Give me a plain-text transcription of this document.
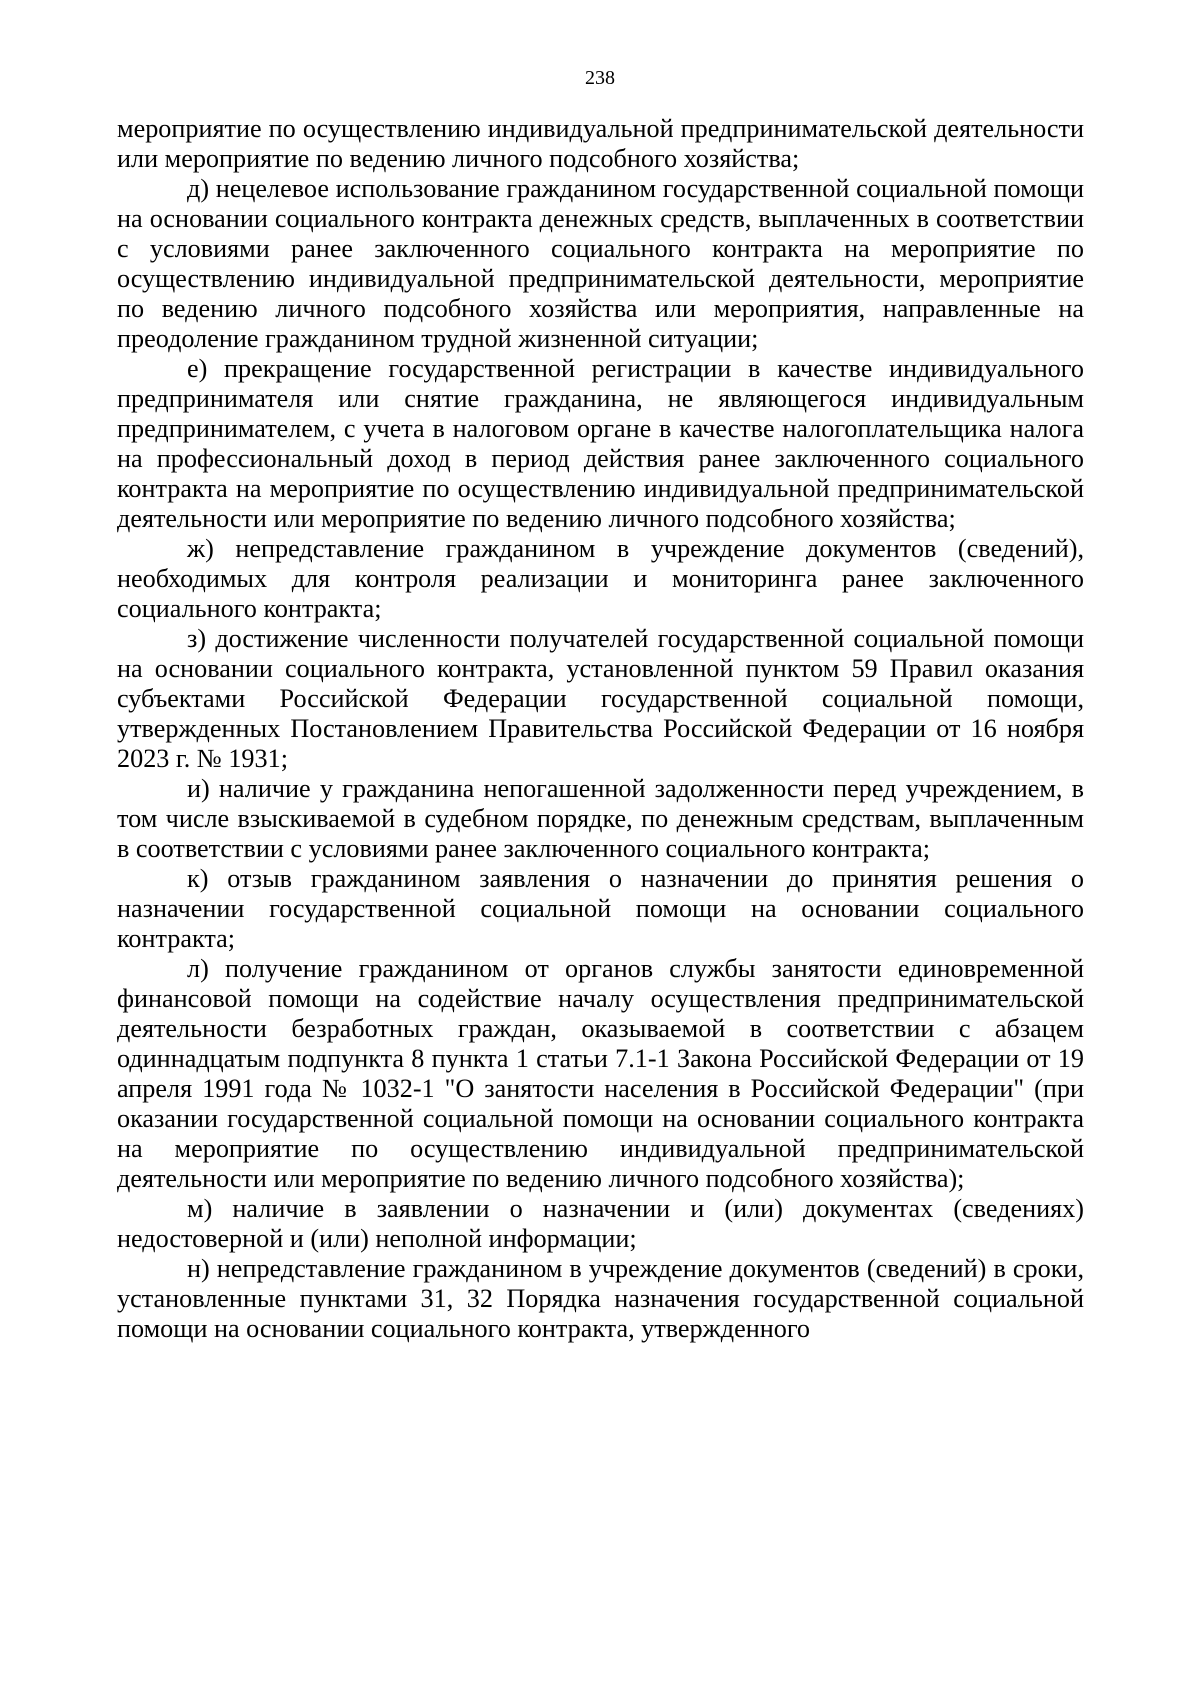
238

мероприятие по осуществлению индивидуальной предпринимательской деятельности или мероприятие по ведению личного подсобного хозяйства;

д) нецелевое использование гражданином государственной социальной помощи на основании социального контракта денежных средств, выплаченных в соответствии с условиями ранее заключенного социального контракта на мероприятие по осуществлению индивидуальной предпринимательской деятельности, мероприятие по ведению личного подсобного хозяйства или мероприятия, направленные на преодоление гражданином трудной жизненной ситуации;

е) прекращение государственной регистрации в качестве индивидуального предпринимателя или снятие гражданина, не являющегося индивидуальным предпринимателем, с учета в налоговом органе в качестве налогоплательщика налога на профессиональный доход в период действия ранее заключенного социального контракта на мероприятие по осуществлению индивидуальной предпринимательской деятельности или мероприятие по ведению личного подсобного хозяйства;

ж) непредставление гражданином в учреждение документов (сведений), необходимых для контроля реализации и мониторинга ранее заключенного социального контракта;

з) достижение численности получателей государственной социальной помощи на основании социального контракта, установленной пунктом 59 Правил оказания субъектами Российской Федерации государственной социальной помощи, утвержденных Постановлением Правительства Российской Федерации от 16 ноября 2023 г. № 1931;

и) наличие у гражданина непогашенной задолженности перед учреждением, в том числе взыскиваемой в судебном порядке, по денежным средствам, выплаченным в соответствии с условиями ранее заключенного социального контракта;

к) отзыв гражданином заявления о назначении до принятия решения о назначении государственной социальной помощи на основании социального контракта;

л) получение гражданином от органов службы занятости единовременной финансовой помощи на содействие началу осуществления предпринимательской деятельности безработных граждан, оказываемой в соответствии с абзацем одиннадцатым подпункта 8 пункта 1 статьи 7.1-1 Закона Российской Федерации от 19 апреля 1991 года № 1032-1 "О занятости населения в Российской Федерации" (при оказании государственной социальной помощи на основании социального контракта на мероприятие по осуществлению индивидуальной предпринимательской деятельности или мероприятие по ведению личного подсобного хозяйства);

м) наличие в заявлении о назначении и (или) документах (сведениях) недостоверной и (или) неполной информации;

н) непредставление гражданином в учреждение документов (сведений) в сроки, установленные пунктами 31, 32 Порядка назначения государственной социальной помощи на основании социального контракта, утвержденного
